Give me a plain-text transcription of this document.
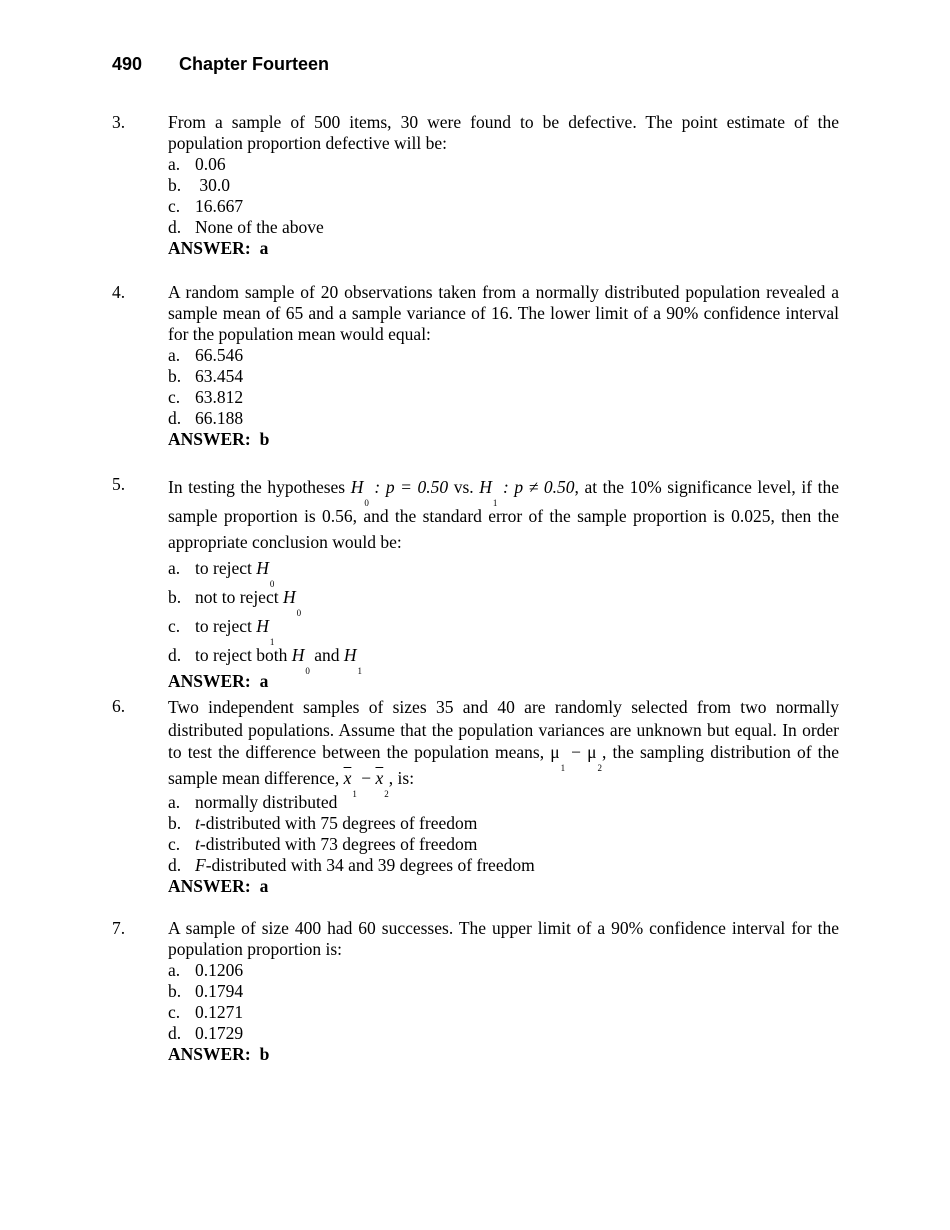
490 Chapter Fourteen
3. From a sample of 500 items, 30 were found to be defective. The point estimate of the population proportion defective will be:
a. 0.06
b. 30.0
c. 16.667
d. None of the above
ANSWER: a
4. A random sample of 20 observations taken from a normally distributed population revealed a sample mean of 65 and a sample variance of 16. The lower limit of a 90% confidence interval for the population mean would equal:
a. 66.546
b. 63.454
c. 63.812
d. 66.188
ANSWER: b
5. In testing the hypotheses $H_0$ : p = 0.50 vs. $H_1$ : p ≠ 0.50, at the 10% significance level, if the sample proportion is 0.56, and the standard error of the sample proportion is 0.025, then the appropriate conclusion would be:
a. to reject $H_0$
b. not to reject $H_0$
c. to reject $H_1$
d. to reject both $H_0$ and $H_1$
ANSWER: a
6. Two independent samples of sizes 35 and 40 are randomly selected from two normally distributed populations. Assume that the population variances are unknown but equal. In order to test the difference between the population means, $\mu_1 - \mu_2$, the sampling distribution of the sample mean difference, $\overline{x}_1 - \overline{x}_2$, is:
a. normally distributed
b. t-distributed with 75 degrees of freedom
c. t-distributed with 73 degrees of freedom
d. F-distributed with 34 and 39 degrees of freedom
ANSWER: a
7. A sample of size 400 had 60 successes. The upper limit of a 90% confidence interval for the population proportion is:
a. 0.1206
b. 0.1794
c. 0.1271
d. 0.1729
ANSWER: b
